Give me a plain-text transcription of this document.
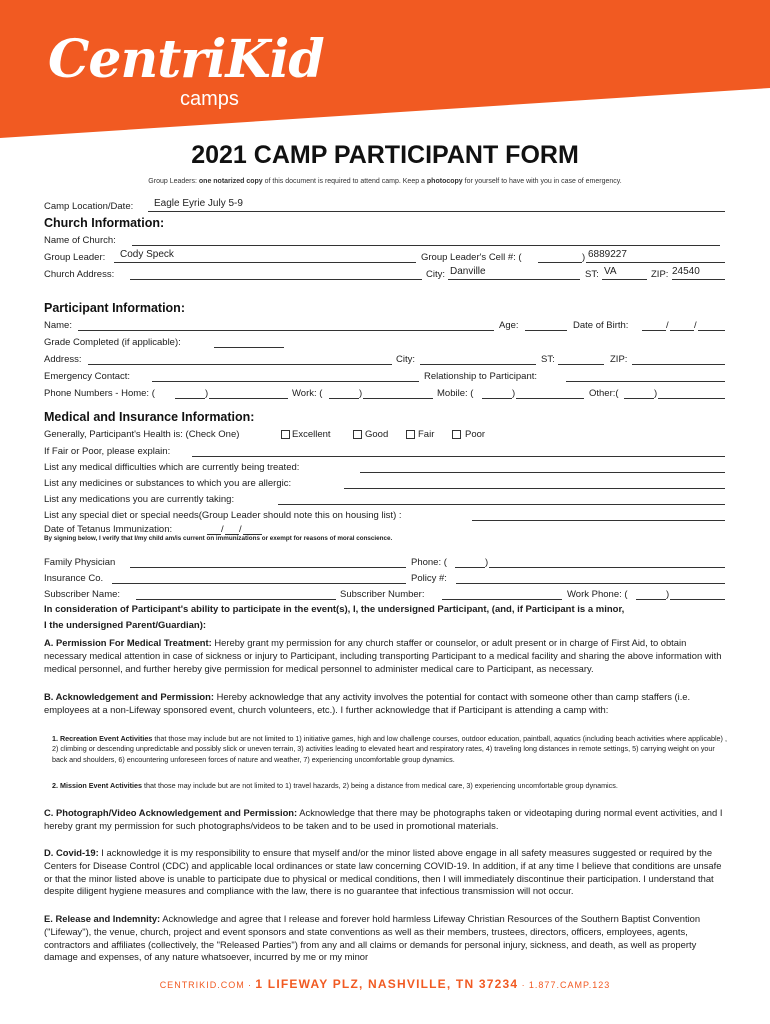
CentriKid
camps
2021 CAMP PARTICIPANT FORM
Group Leaders: one notarized copy of this document is required to attend camp. Keep a photocopy for yourself to have with you in case of emergency.
Camp Location/Date: Eagle Eyrie July 5-9
Church Information:
Name of Church:
Group Leader: Cody Speck	Group Leader's Cell #: (	) 6889227
Church Address:	City: Danville	ST: VA	ZIP: 24540
Participant Information:
Name:	Age:	Date of Birth:	/	/
Grade Completed (if applicable):
Address:	City:	ST:	ZIP:
Emergency Contact:	Relationship to Participant:
Phone Numbers - Home: (	)	Work: (	)	Mobile: (	)	Other:(	)
Medical and Insurance Information:
Generally, Participant's Health is: (Check One)	Excellent	Good	Fair	Poor
If Fair or Poor, please explain:
List any medical difficulties which are currently being treated:
List any medicines or substances to which you are allergic:
List any medications you are currently taking:
List any special diet or special needs(Group Leader should note this on housing list) :
Date of Tetanus Immunization:	/ /
By signing below, I verify that I/my child am/is current on immunizations or exempt for reasons of moral conscience.
Family Physician	Phone: (	)
Insurance Co.	Policy #:
Subscriber Name:	Subscriber Number:	Work Phone: (	)
In consideration of Participant's ability to participate in the event(s), I, the undersigned Participant, (and, if Participant is a minor,
I the undersigned Parent/Guardian):
A. Permission For Medical Treatment: Hereby grant my permission for any church staffer or counselor, or adult present or in charge of First Aid, to obtain necessary medical attention in case of sickness or injury to Participant, including transporting Participant to a medical facility and sharing the above information with medical personnel, and further hereby give permission for medical personnel to administer medical care to Participant, as necessary.
B. Acknowledgement and Permission: Hereby acknowledge that any activity involves the potential for contact with someone other than camp staffers (i.e. employees at a non-Lifeway sponsored event, church volunteers, etc.). I further acknowledge that if Participant is attending a camp with:
1. Recreation Event Activities that those may include but are not limited to 1) initiative games, high and low challenge courses, outdoor education, paintball, aquatics (including beach activities where applicable) , 2) climbing or descending unpredictable and possibly slick or uneven terrain, 3) activities leading to elevated heart and respiratory rates, 4) traveling long distances in remote settings, 5) carrying weight on your back and shoulders, 6) encountering unforeseen forces of nature and weather, 7) experiencing uncomfortable group dynamics.
2. Mission Event Activities that those may include but are not limited to 1) travel hazards, 2) being a distance from medical care, 3) experiencing uncomfortable group dynamics.
C. Photograph/Video Acknowledgement and Permission: Acknowledge that there may be photographs taken or videotaping during normal event activities, and I hereby grant my permission for such photographs/videos to be taken and to be used in promotional materials.
D. Covid-19: I acknowledge it is my responsibility to ensure that myself and/or the minor listed above engage in all safety measures suggested or required by the Centers for Disease Control (CDC) and applicable local ordinances or state law concerning COVID-19. In addition, if at any time I believe that conditions are unsafe or that the minor listed above is unable to participate due to physical or medical conditions, then I will immediately discontinue their participation. I understand that despite diligent hygiene measures and compliance with the law, there is no guarantee that infectious transmission will not occur.
E. Release and Indemnity: Acknowledge and agree that I release and forever hold harmless Lifeway Christian Resources of the Southern Baptist Convention ("Lifeway"), the venue, church, project and event sponsors and state conventions as well as their members, trustees, directors, officers, employees, agents, contractors and affiliates (collectively, the "Released Parties") from any and all claims or demands for personal injury, sickness, and death, as well as property damage and expenses, of any nature whatsoever, incurred by me or my minor
CENTRIKID.COM · 1 LIFEWAY PLZ, NASHVILLE, TN 37234 · 1.877.CAMP.123
